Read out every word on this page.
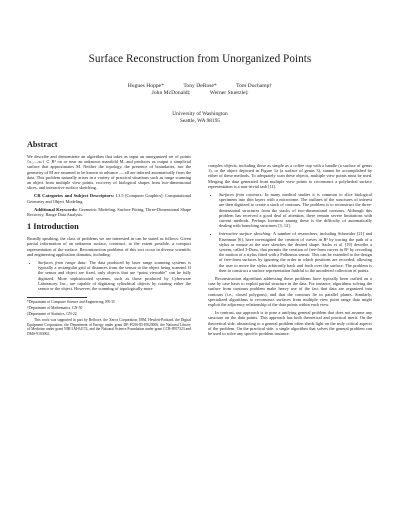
Surface Reconstruction from Unorganized Points
Hugues Hoppe*	Tony DeRose*	Tom Duchamp†
John McDonald‡	Werner Stuetzle‡
University of Washington
Seattle, WA 98195
Abstract

We describe and demonstrate an algorithm that takes as input an unorganized set of points {x₁,...,xₙ} ⊂ R³ on or near an unknown manifold M, and produces as output a simplicial surface that approximates M. Neither the topology, the presence of boundaries, nor the geometry of M are assumed to be known in advance — all are inferred automatically from the data. This problem naturally arises in a variety of practical situations such as range scanning an object from multiple view points, recovery of biological shapes from two-dimensional slices, and interactive surface sketching.

CR Categories and Subject Descriptors: I.3.5 [Computer Graphics]: Computational Geometry and Object Modeling.

Additional Keywords: Geometric Modeling, Surface Fitting, Three-Dimensional Shape Recovery, Range Data Analysis.

1 Introduction

Broadly speaking, the class of problems we are interested in can be stated as follows: Given partial information of an unknown surface, construct, to the extent possible, a compact representation of the surface. Reconstruction problems of this sort occur in diverse scientific and engineering application domains, including:

• Surfaces from range data: The data produced by laser range scanning systems is typically a rectangular grid of distances from the sensor to the object being scanned. If the sensor and object are fixed, only objects that are “point viewable” can be fully digitized. More sophisticated systems, such as those produced by Cyberware Laboratory, Inc., are capable of digitizing cylindrical objects by rotating either the sensor or the object. However, the scanning of topologically more

*Department of Computer Science and Engineering, FR-35

†Department of Mathematics, GN-50

‡Department of Statistics, GN-22

This work was supported in part by Bellcore, the Xerox Corporation, IBM, Hewlett-Packard, the Digital Equipment Corporation, the Department of Energy under grant DE-FG06-85-ER25006, the National Library of Medicine under grant NIH LM-04174, and the National Science Foundation under grant CCR-8957323 and DMS-9103002.

complex objects, including those as simple as a coffee cup with a handle (a surface of genus 1), or the object depicted in Figure 1a (a surface of genus 3), cannot be accomplished by either of these methods. To adequately scan these objects, multiple view points must be used. Merging the data generated from multiple view points to reconstruct a polyhedral surface representation is a non-trivial task [11].

• Surfaces from contours: In many medical studies it is common to slice biological specimens into thin layers with a microtome. The outlines of the structures of interest are then digitized to create a stack of contours. The problem is to reconstruct the three-dimensional structures from the stacks of two-dimensional contours. Although this problem has received a good deal of attention, there remain severe limitations with current methods. Perhaps foremost among these is the difficulty of automatically dealing with branching structures [3, 12].
• Interactive surface sketching: A number of researchers, including Schneider [21] and Eisenman [6], have investigated the creation of curves in R² by tracing the path of a stylus or mouse as the user sketches the desired shape. Sachs et al. [19] describe a system, called 3-Draw, that permits the creation of free-form curves in R³ by recording the motion of a stylus fitted with a Polhemus sensor. This can be extended to the design of free-form surfaces by ignoring the order in which positions are recorded, allowing the user to move the stylus arbitrarily back and forth over the surface. The problem is then to construct a surface representation faithful to the unordered collection of points.

Reconstruction algorithms addressing these problems have typically been crafted on a case by case basis to exploit partial structure in the data. For instance, algorithms solving the surface from contours problem make heavy use of the fact that data are organized into contours (i.e., closed polygons), and that the contours lie in parallel planes. Similarly, specialized algorithms to reconstruct surfaces from multiple view point range data might exploit the adjacency relationship of the data points within each view.

In contrast, our approach is to pose a unifying general problem that does not assume any structure on the data points. This approach has both theoretical and practical merit. On the theoretical side, abstracting to a general problem often sheds light on the truly critical aspects of the problem. On the practical side, a single algorithm that solves the general problem can be used to solve any specific problem instance.
